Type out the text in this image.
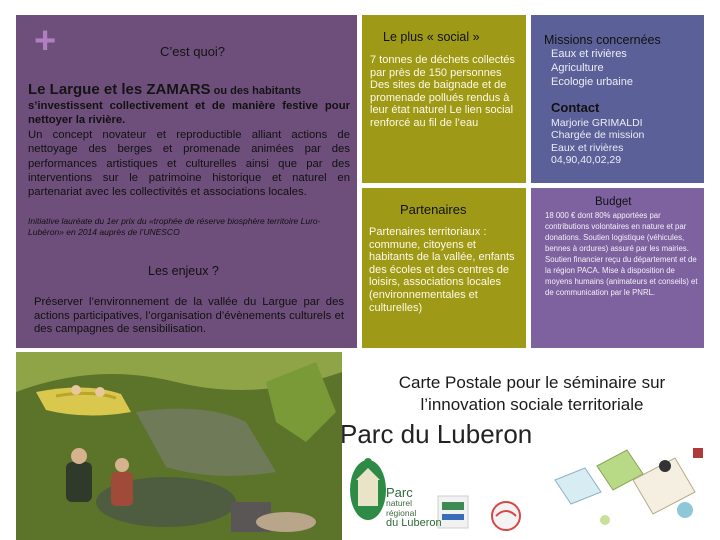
+	C’est quoi?
Le Largue et les ZAMARS ou des habitants
s’investissent collectivement et de manière festive pour nettoyer la rivière.
Un concept novateur et reproductible alliant actions de nettoyage des berges et promenade animées par des performances artistiques et culturelles ainsi que par des interventions sur le patrimoine historique et naturel en partenariat avec les collectivités et associations locales.
Initiative lauréate du 1er prix du «trophée de réserve biosphère territoire Luro-Lubéron» en 2014 auprès de l’UNESCO
Les enjeux ?
Préserver l’environnement de la vallée du Largue par des actions participatives, l’organisation d’évènements culturels et des campagnes de sensibilisation.
Le plus « social »
7 tonnes de déchets collectés par près de 150 personnes Des sites de baignade et de promenade pollués rendus à leur état naturel Le lien social renforcé au fil de l’eau
Partenaires
Partenaires territoriaux : commune, citoyens et habitants de la vallée, enfants des écoles et des centres de loisirs, associations locales (environnementales et culturelles)
Missions concernées
Eaux et rivières
Agriculture
Ecologie urbaine
Contact
Marjorie GRIMALDI
Chargée de mission
Eaux et rivières
04,90,40,02,29
Budget
18 000 € dont 80% apportées par contributions volontaires en nature et par donations. Soutien logistique (véhicules, bennes à ordures) assuré par les mairies. Soutien financier reçu du département et de la région PACA. Mise à disposition de moyens humains (animateurs et conseils) et de communication par le PNRL.
Carte Postale pour le séminaire sur
l’innovation sociale territoriale
Parc du Luberon
Parc
naturel
régional
du Luberon
